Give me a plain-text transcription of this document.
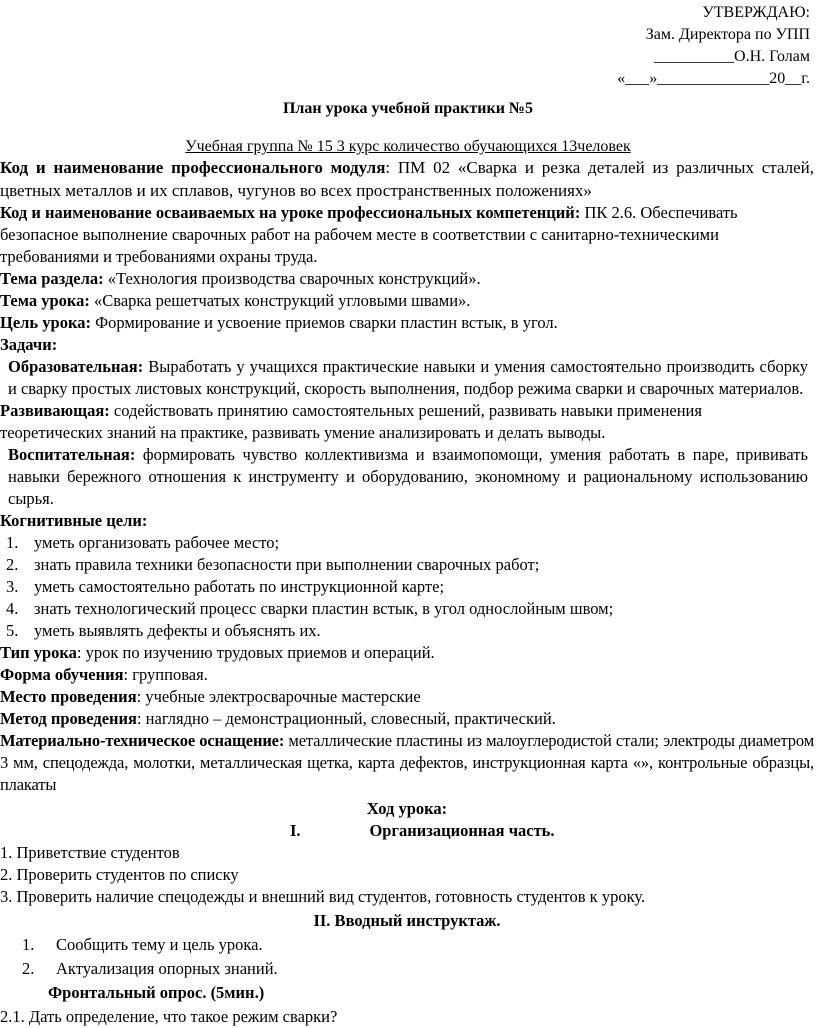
УТВЕРЖДАЮ:
Зам. Директора по УПП
__________О.Н. Голам
«___»______________20__г.
План урока учебной практики №5
Учебная группа № 15 3 курс количество обучающихся 13человек

Код и наименование профессионального модуля: ПМ 02 «Сварка и резка деталей из различных сталей, цветных металлов и их сплавов, чугунов во всех пространственных положениях»

Код и наименование осваиваемых на уроке профессиональных компетенций: ПК 2.6. Обеспечивать безопасное выполнение сварочных работ на рабочем месте в соответствии с санитарно-техническими требованиями и требованиями охраны труда.

Тема раздела: «Технология производства сварочных конструкций».

Тема урока: «Сварка решетчатых конструкций угловыми швами».

Цель урока: Формирование и усвоение приемов сварки пластин встык, в угол.

Задачи:

Образовательная: Выработать у учащихся практические навыки и умения самостоятельно производить сборку и сварку простых листовых конструкций, скорость выполнения, подбор режима сварки и сварочных материалов.

Развивающая: содействовать принятию самостоятельных решений, развивать навыки применения теоретических знаний на практике, развивать умение анализировать и делать выводы.

Воспитательная: формировать чувство коллективизма и взаимопомощи, умения работать в паре, прививать навыки бережного отношения к инструменту и оборудованию, экономному и рациональному использованию сырья.

Когнитивные цели:

1. уметь организовать рабочее место;
2. знать правила техники безопасности при выполнении сварочных работ;
3. уметь самостоятельно работать по инструкционной карте;
4. знать технологический процесс сварки пластин встык, в угол однослойным швом;
5. уметь выявлять дефекты и объяснять их.

Тип урока: урок по изучению трудовых приемов и операций.

Форма обучения: групповая.

Место проведения: учебные электросварочные мастерские

Метод проведения: наглядно – демонстрационный, словесный, практический.

Материально-техническое оснащение: металлические пластины из малоуглеродистой стали; электроды диаметром 3 мм, спецодежда, молотки, металлическая щетка, карта дефектов, инструкционная карта «», контрольные образцы, плакаты

Ход урока:

I.	Организационная часть.

1. Приветствие студентов

2. Проверить студентов по списку

3. Проверить наличие спецодежды и внешний вид студентов, готовность студентов к уроку.

II. Вводный инструктаж.

1. Сообщить тему и цель урока.
2. Актуализация опорных знаний.

Фронтальный опрос. (5мин.)

2.1. Дать определение, что такое режим сварки?
